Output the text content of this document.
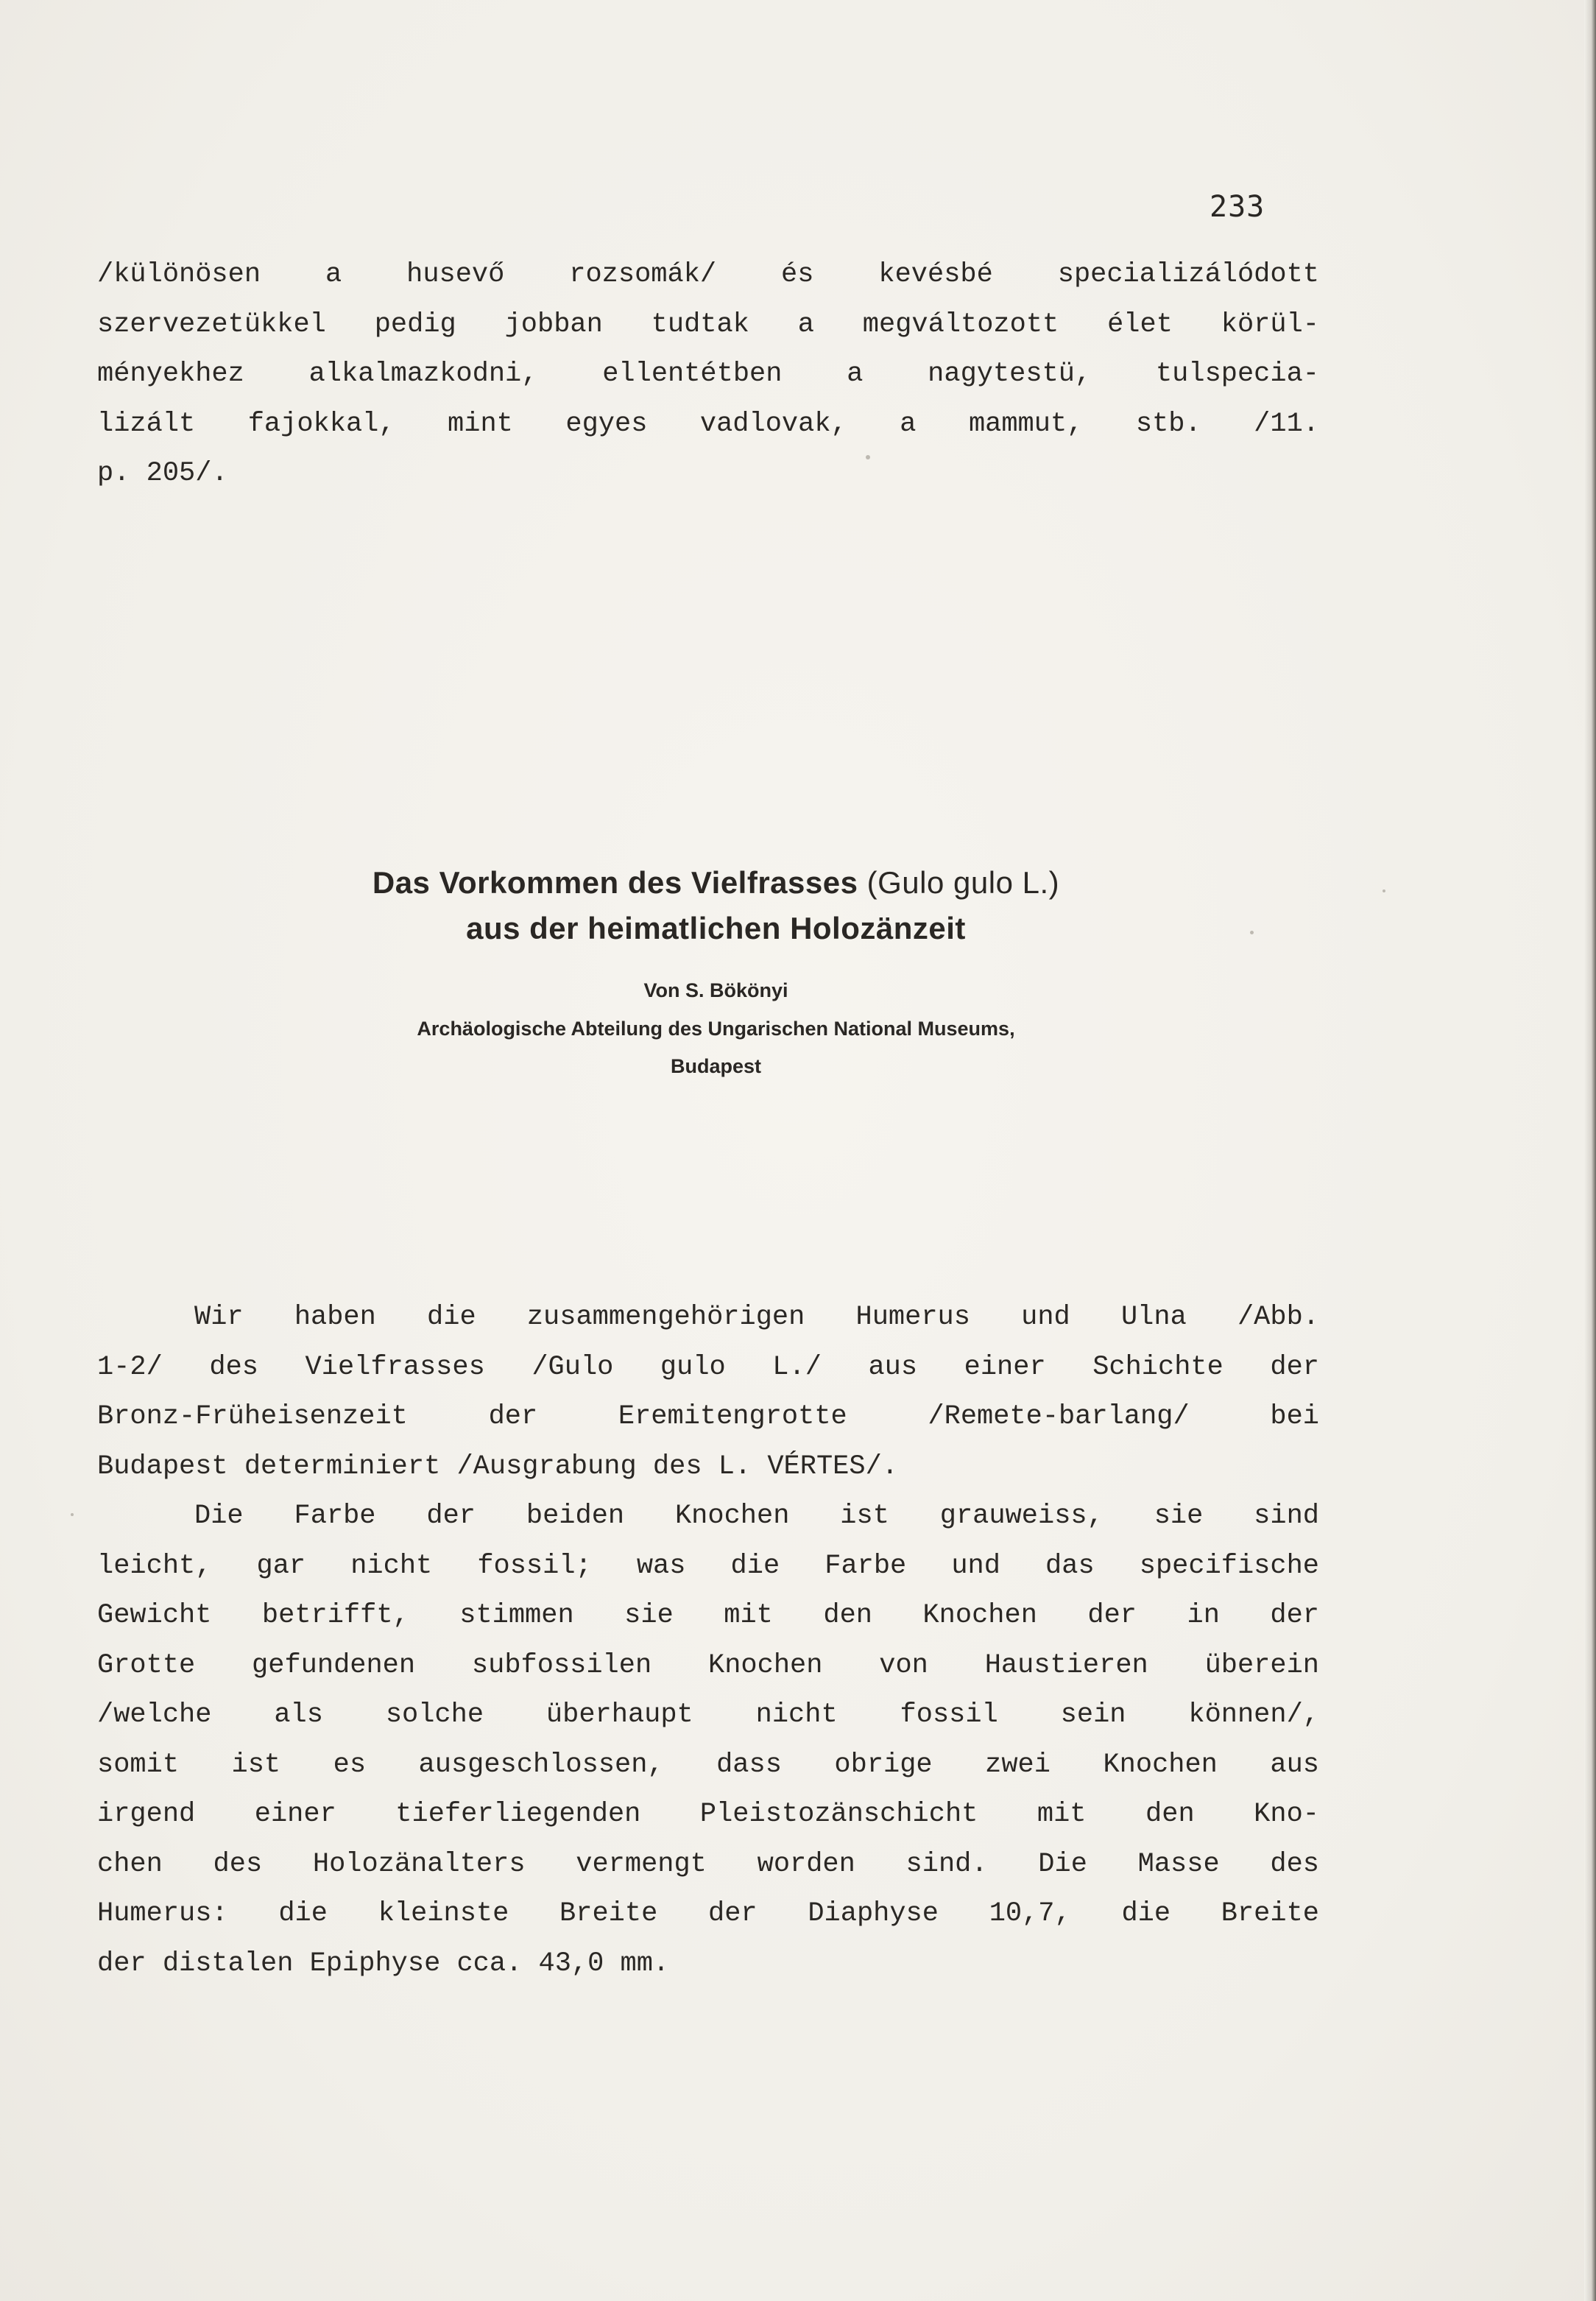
233
/különösen a husevő rozsomák/ és kevésbé specializálódott
szervezetükkel pedig jobban tudtak a megváltozott élet körül-
ményekhez alkalmazkodni, ellentétben a nagytestü, tulspecia-
lizált fajokkal, mint egyes vadlovak, a mammut, stb. /11.
p. 205/.
Das Vorkommen des Vielfrasses (Gulo gulo L.)
aus der heimatlichen Holozänzeit
Von S. Bökönyi
Archäologische Abteilung des Ungarischen National Museums,
Budapest
Wir haben die zusammengehörigen Humerus und Ulna /Abb.
1-2/ des Vielfrasses /Gulo gulo L./ aus einer Schichte der
Bronz-Früheisenzeit der Eremitengrotte /Remete-barlang/ bei
Budapest determiniert /Ausgrabung des L. VÉRTES/.
Die Farbe der beiden Knochen ist grauweiss, sie sind
leicht, gar nicht fossil; was die Farbe und das specifische
Gewicht betrifft, stimmen sie mit den Knochen der in der
Grotte gefundenen subfossilen Knochen von Haustieren überein
/welche als solche überhaupt nicht fossil sein können/,
somit ist es ausgeschlossen, dass obrige zwei Knochen aus
irgend einer tieferliegenden Pleistozänschicht mit den Kno-
chen des Holozänalters vermengt worden sind. Die Masse des
Humerus: die kleinste Breite der Diaphyse 10,7, die Breite
der distalen Epiphyse cca. 43,0 mm.
